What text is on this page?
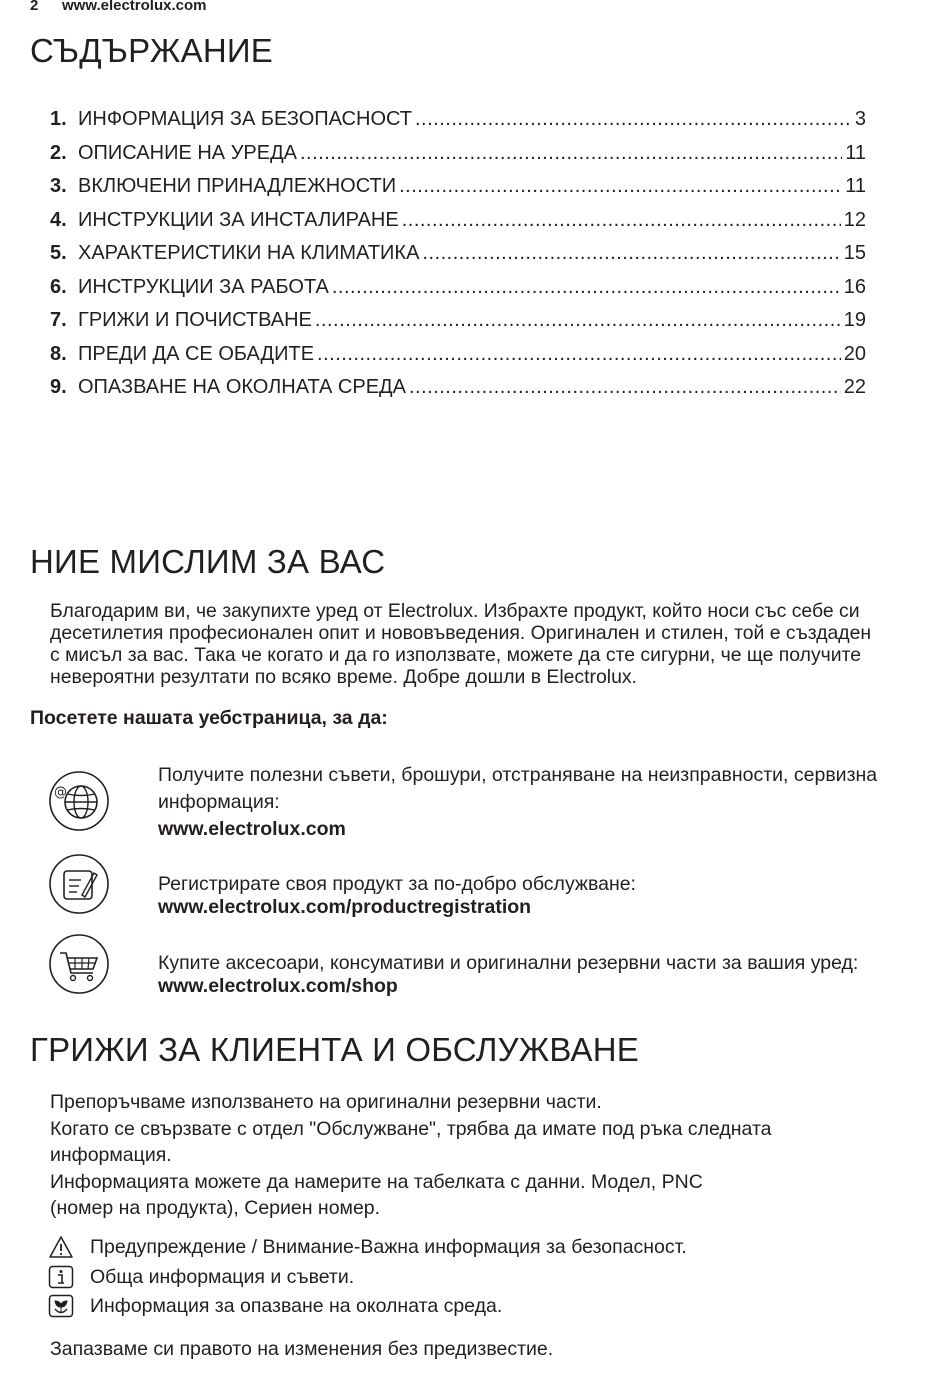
2 www.electrolux.com
СЪДЪРЖАНИЕ
1. ИНФОРМАЦИЯ ЗА БЕЗОПАСНОСТ .....	3
2. ОПИСАНИЕ НА УРЕДА .....	11
3. ВКЛЮЧЕНИ ПРИНАДЛЕЖНОСТИ .....	11
4. ИНСТРУКЦИИ ЗА ИНСТАЛИРАНЕ .....	12
5. ХАРАКТЕРИСТИКИ НА КЛИМАТИКА .....	15
6. ИНСТРУКЦИИ ЗА РАБОТА .....	16
7. ГРИЖИ И ПОЧИСТВАНЕ .....	19
8. ПРЕДИ ДА СЕ ОБАДИТЕ .....	20
9. ОПАЗВАНЕ НА ОКОЛНАТА СРЕДА .....	22
НИЕ МИСЛИМ ЗА ВАС

Благодарим ви, че закупихте уред от Electrolux. Избрахте продукт, който носи със себе си

десетилетия професионален опит и нововъведения. Оригинален и стилен, той е създаден

с мисъл за вас. Така че когато и да го използвате, можете да сте сигурни, че ще получите

невероятни резултати по всяко време. Добре дошли в Electrolux.

Посетете нашата уебстраница, за да:
@
Получите полезни съвети, брошури, отстраняване на неизправности, сервизна
информация:
www.electrolux.com
Регистрирате своя продукт за по-добро обслужване:
www.electrolux.com/productregistration
Купите аксесоари, консумативи и оригинални резервни части за вашия уред:
www.electrolux.com/shop
ГРИЖИ ЗА КЛИЕНТА И ОБСЛУЖВАНЕ

Препоръчваме използването на оригинални резервни части.

Когато се свързвате с отдел "Обслужване", трябва да имате под ръка следната

информация.

Информацията можете да намерите на табелката с данни. Модел, PNC

(номер на продукта), Сериен номер.

Предупреждение / Внимание-Важна информация за безопасност.
Обща информация и съвети.
Информация за опазване на околната среда.
Запазваме си правото на изменения без предизвестие.
